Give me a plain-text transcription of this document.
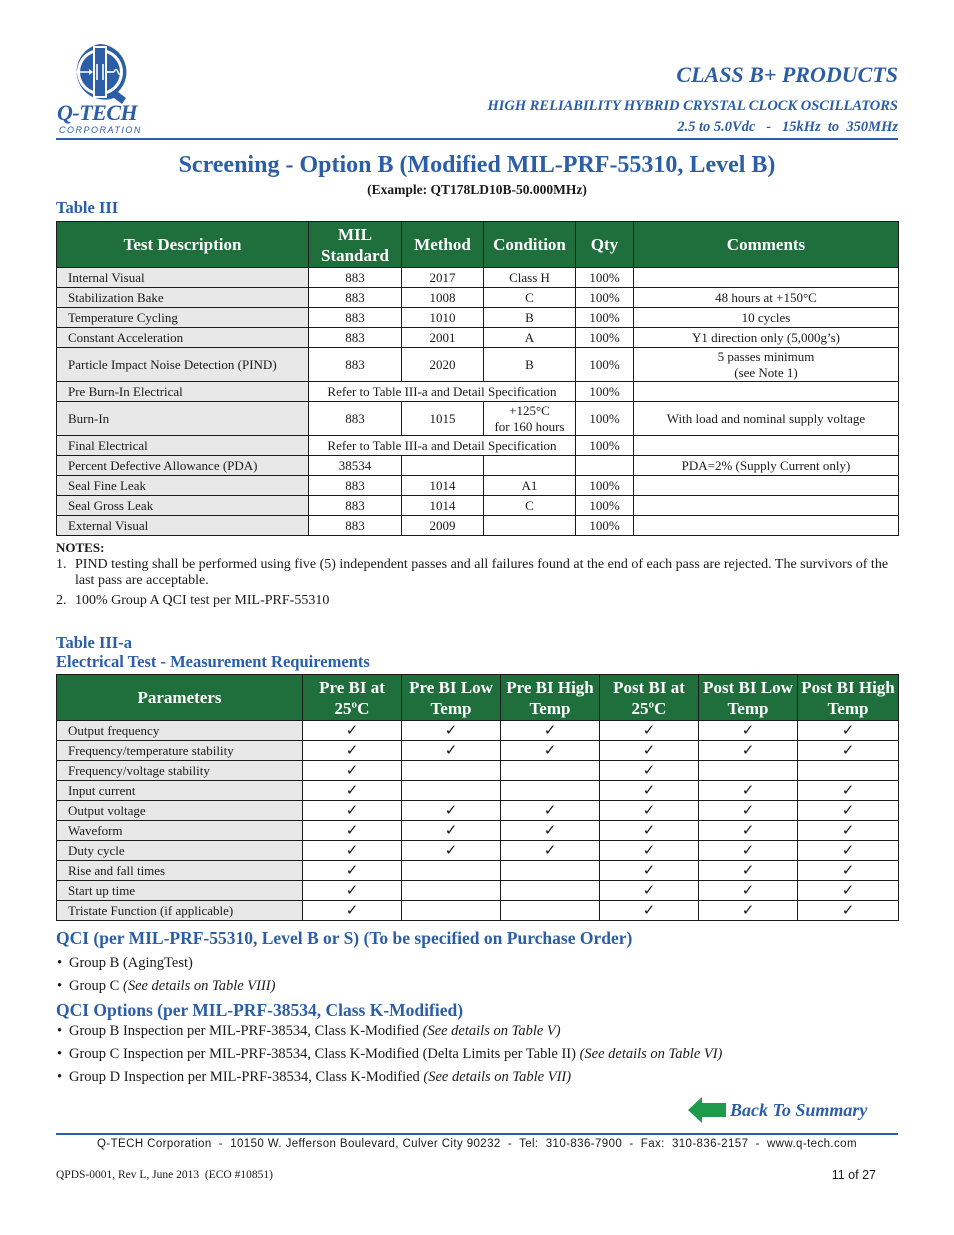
Q-TECH
CORPORATION
CLASS B+ PRODUCTS
HIGH RELIABILITY HYBRID CRYSTAL CLOCK OSCILLATORS
2.5 to 5.0Vdc   -   15kHz  to  350MHz
Screening - Option B (Modified MIL-PRF-55310, Level B)
(Example: QT178LD10B-50.000MHz)
Table III
Test Description	MIL Standard	Method	Condition	Qty	Comments
Internal Visual	883	2017	Class H	100%	
Stabilization Bake	883	1008	C	100%	48 hours at +150°C
Temperature Cycling	883	1010	B	100%	10 cycles
Constant Acceleration	883	2001	A	100%	Y1 direction only (5,000g’s)
Particle Impact Noise Detection (PIND)	883	2020	B	100%	5 passes minimum
(see Note 1)

Pre Burn-In Electrical	Refer to Table III-a and Detail Specification			100%	
Burn-In	883	1015	+125°C
for 160 hours	100%	With load and nominal supply voltage
Final Electrical	Refer to Table III-a and Detail Specification			100%	
Percent Defective Allowance (PDA)	38534				PDA=2% (Supply Current only)
Seal Fine Leak	883	1014	A1	100%	
Seal Gross Leak	883	1014	C	100%	
External Visual	883	2009		100%	
NOTES:
1. PIND testing shall be performed using five (5) independent passes and all failures found at the end of each pass are rejected. The survivors of the last pass are acceptable.
2. 100% Group A QCI test per MIL-PRF-55310
Table III-a
Electrical Test - Measurement Requirements
Parameters	Pre BI at 25ºC	Pre BI Low Temp	Pre BI High Temp	Post BI at 25ºC	Post BI Low Temp	Post BI High Temp
Output frequency	✓	✓	✓	✓	✓	✓
Frequency/temperature stability	✓	✓	✓	✓	✓	✓
Frequency/voltage stability	✓			✓		
Input current	✓			✓	✓	✓
Output voltage	✓	✓	✓	✓	✓	✓
Waveform	✓	✓	✓	✓	✓	✓
Duty cycle	✓	✓	✓	✓	✓	✓
Rise and fall times	✓			✓	✓	✓
Start up time	✓			✓	✓	✓
Tristate Function (if applicable)	✓			✓	✓	✓
QCI (per MIL-PRF-55310, Level B or S) (To be specified on Purchase Order)
• Group B (AgingTest)
• Group C (See details on Table VIII)
QCI Options (per MIL-PRF-38534, Class K-Modified)
• Group B Inspection per MIL-PRF-38534, Class K-Modified (See details on Table V)
• Group C Inspection per MIL-PRF-38534, Class K-Modified (Delta Limits per Table II) (See details on Table VI)
• Group D Inspection per MIL-PRF-38534, Class K-Modified (See details on Table VII)
Back To Summary
Q-TECH Corporation  -  10150 W. Jefferson Boulevard, Culver City 90232  -  Tel:  310-836-7900  -  Fax:  310-836-2157  -  www.q-tech.com
QPDS-0001, Rev L, June 2013  (ECO #10851)	11 of 27
